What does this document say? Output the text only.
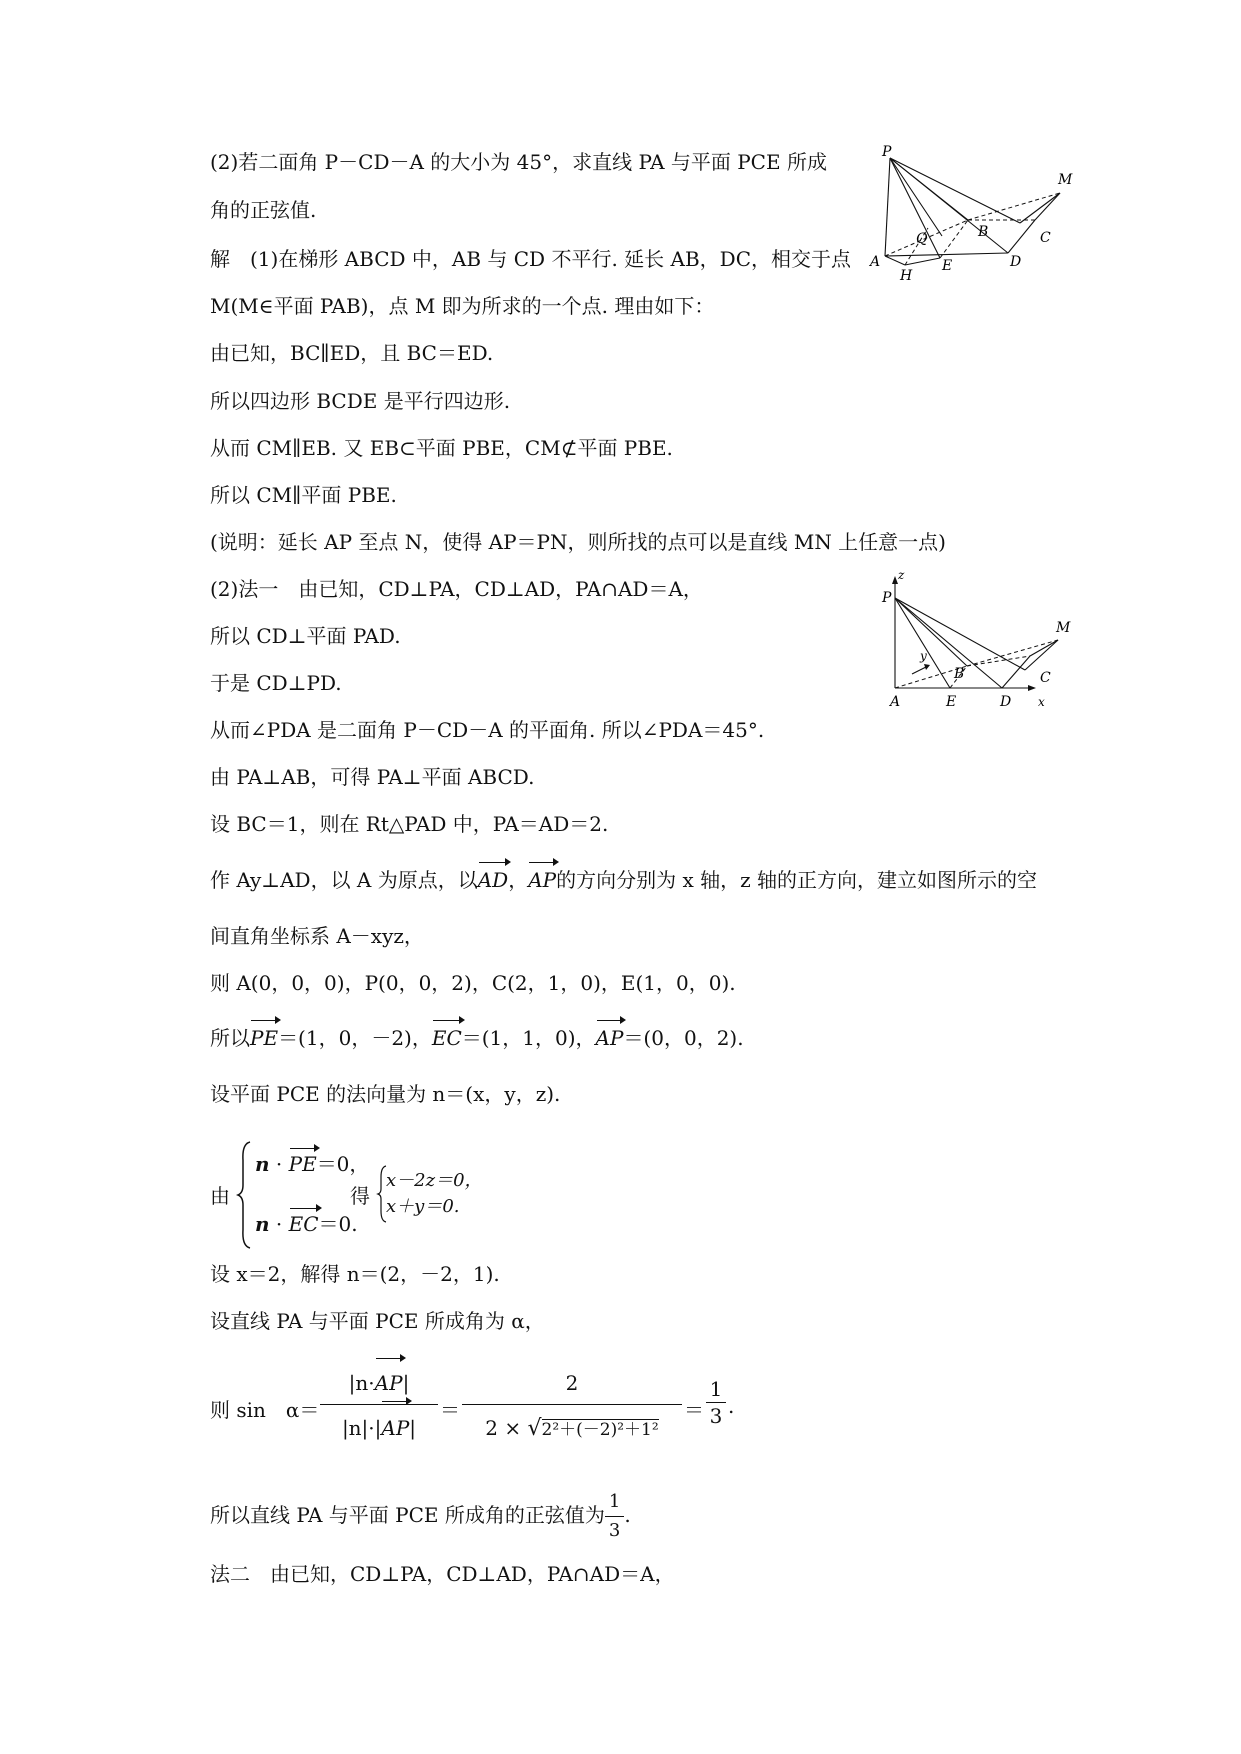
(2)若二面角 P－CD－A 的大小为 45°，求直线 PA 与平面 PCE 所成
角的正弦值.
解　(1)在梯形 ABCD 中，AB 与 CD 不平行. 延长 AB，DC，相交于点
M(M∈平面 PAB)，点 M 即为所求的一个点. 理由如下：
由已知，BC∥ED，且 BC＝ED.
所以四边形 BCDE 是平行四边形.
从而 CM∥EB. 又 EB⊂平面 PBE，CM⊄平面 PBE.
所以 CM∥平面 PBE.
(说明：延长 AP 至点 N，使得 AP＝PN，则所找的点可以是直线 MN 上任意一点)
(2)法一　由已知，CD⊥PA，CD⊥AD，PA∩AD＝A，
所以 CD⊥平面 PAD.
于是 CD⊥PD.
从而∠PDA 是二面角 P－CD－A 的平面角. 所以∠PDA＝45°.
由 PA⊥AB，可得 PA⊥平面 ABCD.
设 BC＝1，则在 Rt△PAD 中，PA＝AD＝2.
作 Ay⊥AD，以 A 为原点，以AD，AP的方向分别为 x 轴，z 轴的正方向，建立如图所示的空
间直角坐标系 A－xyz，
则 A(0，0，0)，P(0，0，2)，C(2，1，0)，E(1，0，0).
所以PE＝(1，0，－2)，EC＝(1，1，0)，AP＝(0，0，2).
设平面 PCE 的法向量为 n＝(x，y，z).
由
n · PE＝0，
n · EC＝0.
得
x－2z＝0，
x＋y＝0.
设 x＝2，解得 n＝(2，－2，1).
设直线 PA 与平面 PCE 所成角为 α，
则 sin　α＝
|n·AP|
|n|·|AP|
＝
2
2 × √2²＋(－2)²＋1²
＝
1
3 .
所以直线 PA 与平面 PCE 所成角的正弦值为 $\frac{1}{3}$ .
法二　由已知，CD⊥PA，CD⊥AD，PA∩AD＝A，
P
M
Q	B	C
A
H
E	D
z
P
M
y
B	C
A	E	D x
